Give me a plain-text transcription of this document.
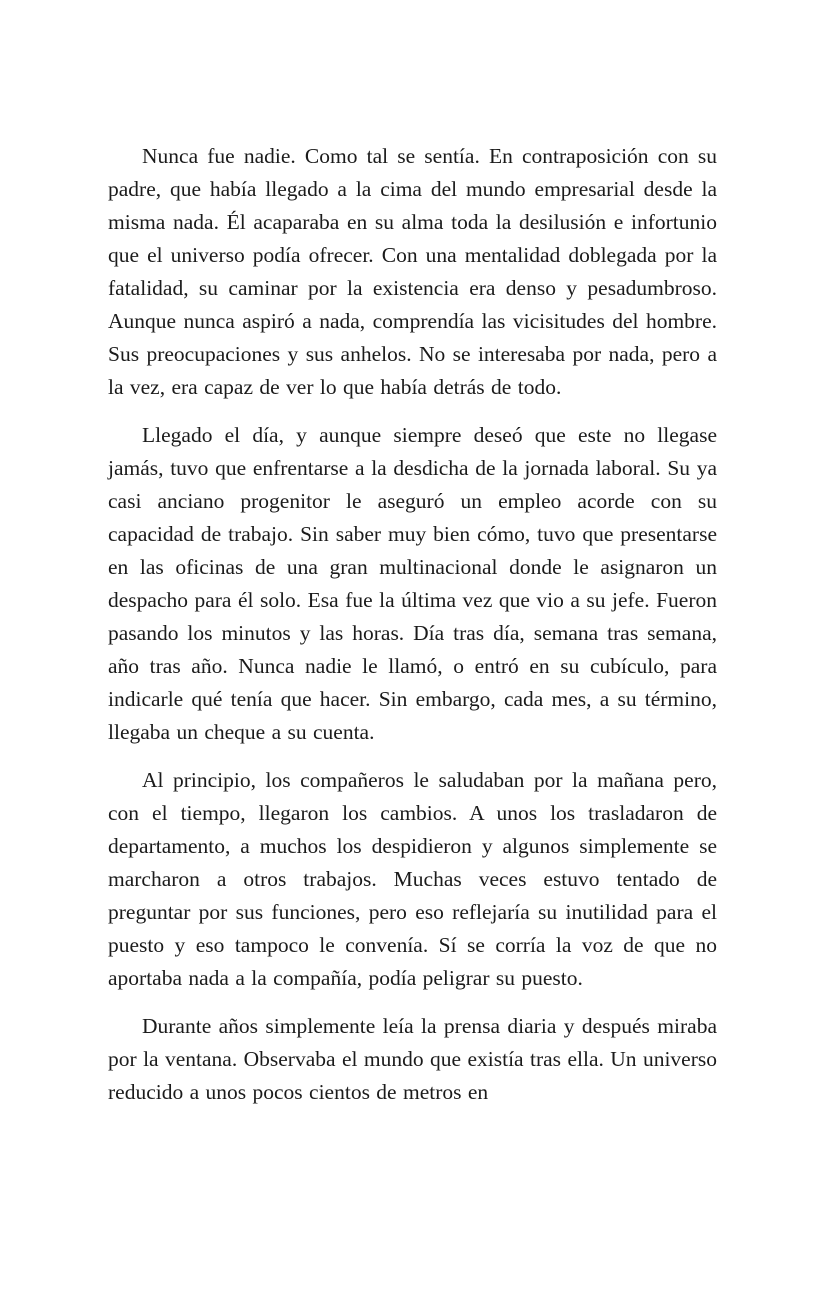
Nunca fue nadie. Como tal se sentía. En contraposición con su padre, que había llegado a la cima del mundo empresarial desde la misma nada. Él acaparaba en su alma toda la desilusión e infortunio que el universo podía ofrecer. Con una mentalidad doblegada por la fatalidad, su caminar por la existencia era denso y pesadumbroso. Aunque nunca aspiró a nada, comprendía las vicisitudes del hombre. Sus preocupaciones y sus anhelos. No se interesaba por nada, pero a la vez, era capaz de ver lo que había detrás de todo.

Llegado el día, y aunque siempre deseó que este no llegase jamás, tuvo que enfrentarse a la desdicha de la jornada laboral. Su ya casi anciano progenitor le aseguró un empleo acorde con su capacidad de trabajo. Sin saber muy bien cómo, tuvo que presentarse en las oficinas de una gran multinacional donde le asignaron un despacho para él solo. Esa fue la última vez que vio a su jefe. Fueron pasando los minutos y las horas. Día tras día, semana tras semana, año tras año. Nunca nadie le llamó, o entró en su cubículo, para indicarle qué tenía que hacer. Sin embargo, cada mes, a su término, llegaba un cheque a su cuenta.

Al principio, los compañeros le saludaban por la mañana pero, con el tiempo, llegaron los cambios. A unos los trasladaron de departamento, a muchos los despidieron y algunos simplemente se marcharon a otros trabajos. Muchas veces estuvo tentado de preguntar por sus funciones, pero eso reflejaría su inutilidad para el puesto y eso tampoco le convenía. Sí se corría la voz de que no aportaba nada a la compañía, podía peligrar su puesto.

Durante años simplemente leía la prensa diaria y después miraba por la ventana. Observaba el mundo que existía tras ella. Un universo reducido a unos pocos cientos de metros en
